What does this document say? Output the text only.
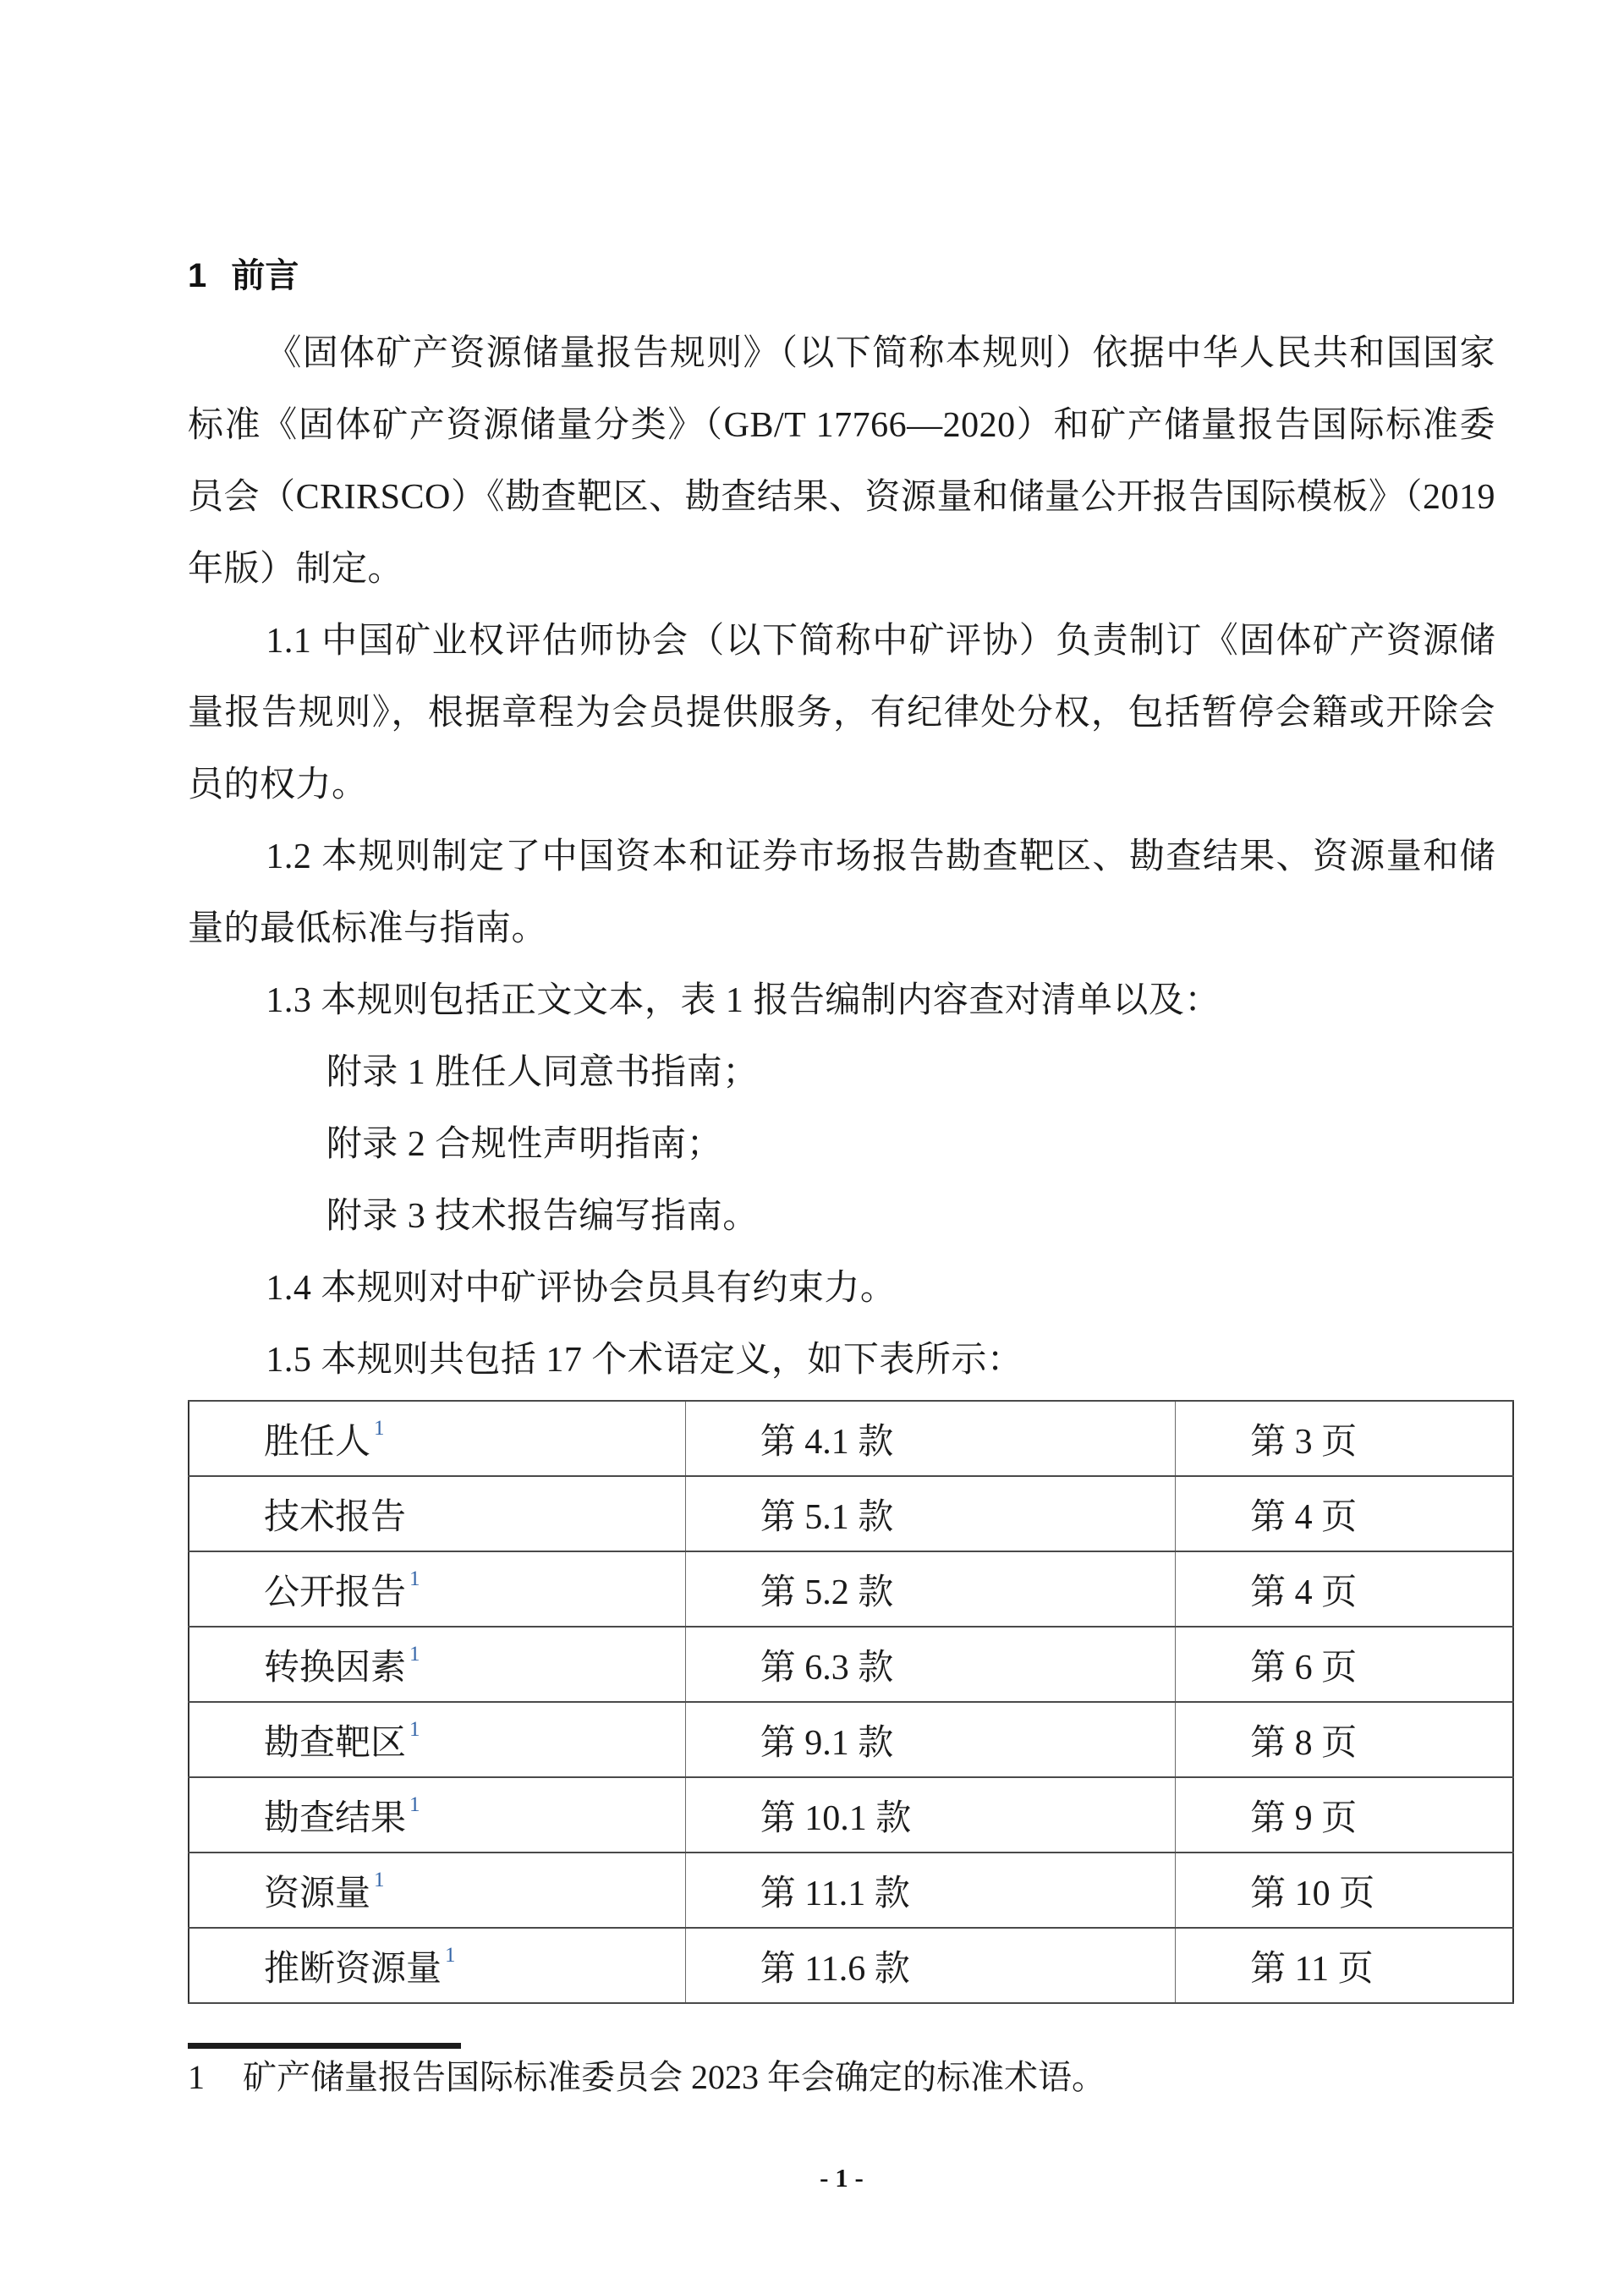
1 前言

《固体矿产资源储量报告规则》（以下简称本规则）依据中华人民共和国国家标准《固体矿产资源储量分类》（GB/T 17766—2020）和矿产储量报告国际标准委员会（CRIRSCO）《勘查靶区、勘查结果、资源量和储量公开报告国际模板》（2019 年版）制定。

1.1 中国矿业权评估师协会（以下简称中矿评协）负责制订《固体矿产资源储量报告规则》，根据章程为会员提供服务，有纪律处分权，包括暂停会籍或开除会员的权力。

1.2 本规则制定了中国资本和证券市场报告勘查靶区、勘查结果、资源量和储量的最低标准与指南。

1.3 本规则包括正文文本，表 1 报告编制内容查对清单以及：

附录 1 胜任人同意书指南；

附录 2 合规性声明指南；

附录 3 技术报告编写指南。

1.4 本规则对中矿评协会员具有约束力。

1.5 本规则共包括 17 个术语定义，如下表所示：

胜任人 $^1$	第 4.1 款	第 3 页
技术报告	第 5.1 款	第 4 页
公开报告 $^1$	第 5.2 款	第 4 页
转换因素 $^1$	第 6.3 款	第 6 页
勘查靶区 $^1$	第 9.1 款	第 8 页
勘查结果 $^1$	第 10.1 款	第 9 页
资源量 $^1$	第 11.1 款	第 10 页
推断资源量 $^1$	第 11.6 款	第 11 页
1 矿产储量报告国际标准委员会 2023 年会确定的标准术语。
- 1 -
